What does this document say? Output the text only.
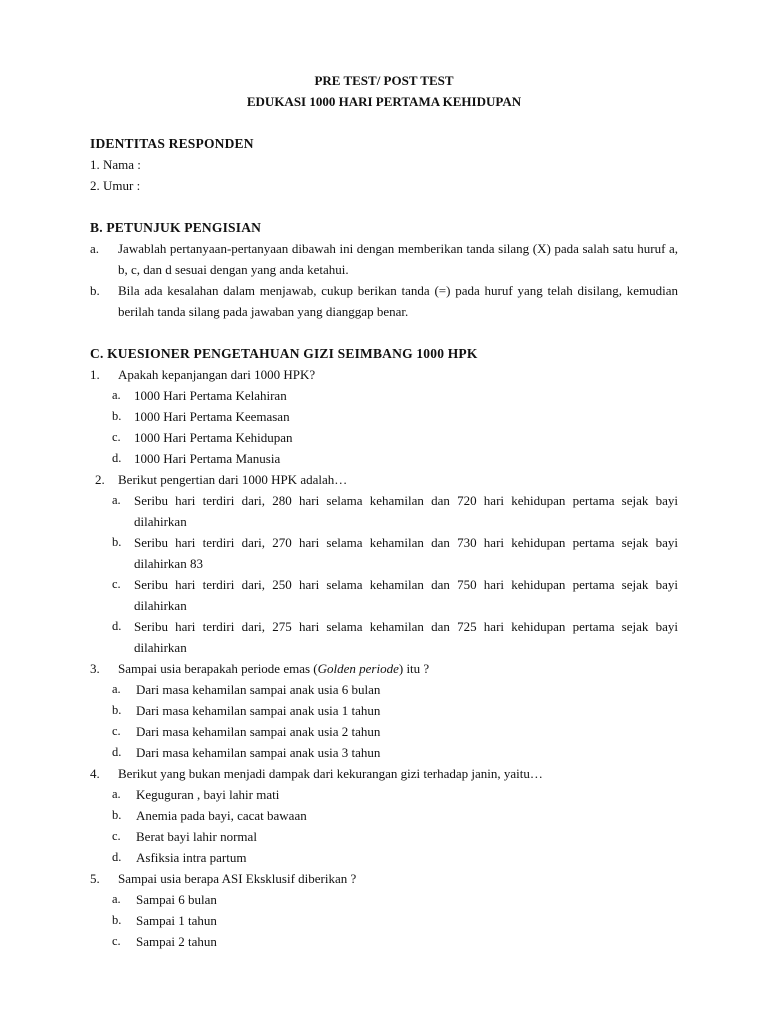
PRE TEST/ POST TEST
EDUKASI 1000 HARI PERTAMA KEHIDUPAN
IDENTITAS RESPONDEN
1. Nama :
2. Umur :
B. PETUNJUK PENGISIAN
a.	Jawablah pertanyaan-pertanyaan dibawah ini dengan memberikan tanda silang (X) pada salah satu huruf a, b, c, dan d sesuai dengan yang anda ketahui.
b.	Bila ada kesalahan dalam menjawab, cukup berikan tanda (=) pada huruf yang telah disilang, kemudian berilah tanda silang pada jawaban yang dianggap benar.
C. KUESIONER PENGETAHUAN GIZI SEIMBANG 1000 HPK
1.	Apakah kepanjangan dari 1000 HPK?
a.	1000 Hari Pertama Kelahiran
b. 1000 Hari Pertama Keemasan
c.	1000 Hari Pertama Kehidupan
d. 1000 Hari Pertama Manusia
2.	Berikut pengertian dari 1000 HPK adalah…
a.	Seribu hari terdiri dari, 280 hari selama kehamilan dan 720 hari kehidupan pertama sejak bayi dilahirkan
b. Seribu hari terdiri dari, 270 hari selama kehamilan dan 730 hari kehidupan pertama sejak bayi dilahirkan 83
c.	Seribu hari terdiri dari, 250 hari selama kehamilan dan 750 hari kehidupan pertama sejak bayi dilahirkan
d. Seribu hari terdiri dari, 275 hari selama kehamilan dan 725 hari kehidupan pertama sejak bayi dilahirkan
3.	Sampai usia berapakah periode emas (Golden periode) itu ?
a.	Dari masa kehamilan sampai anak usia 6 bulan
b.	Dari masa kehamilan sampai anak usia 1 tahun
c.	Dari masa kehamilan sampai anak usia 2 tahun
d.	Dari masa kehamilan sampai anak usia 3 tahun
4.	Berikut yang bukan menjadi dampak dari kekurangan gizi terhadap janin, yaitu…
a.	Keguguran , bayi lahir mati
b.	Anemia pada bayi, cacat bawaan
c.	Berat bayi lahir normal
d.	Asfiksia intra partum
5.	Sampai usia berapa ASI Eksklusif diberikan ?
a.	Sampai 6 bulan
b.	Sampai 1 tahun
c.	Sampai 2 tahun
